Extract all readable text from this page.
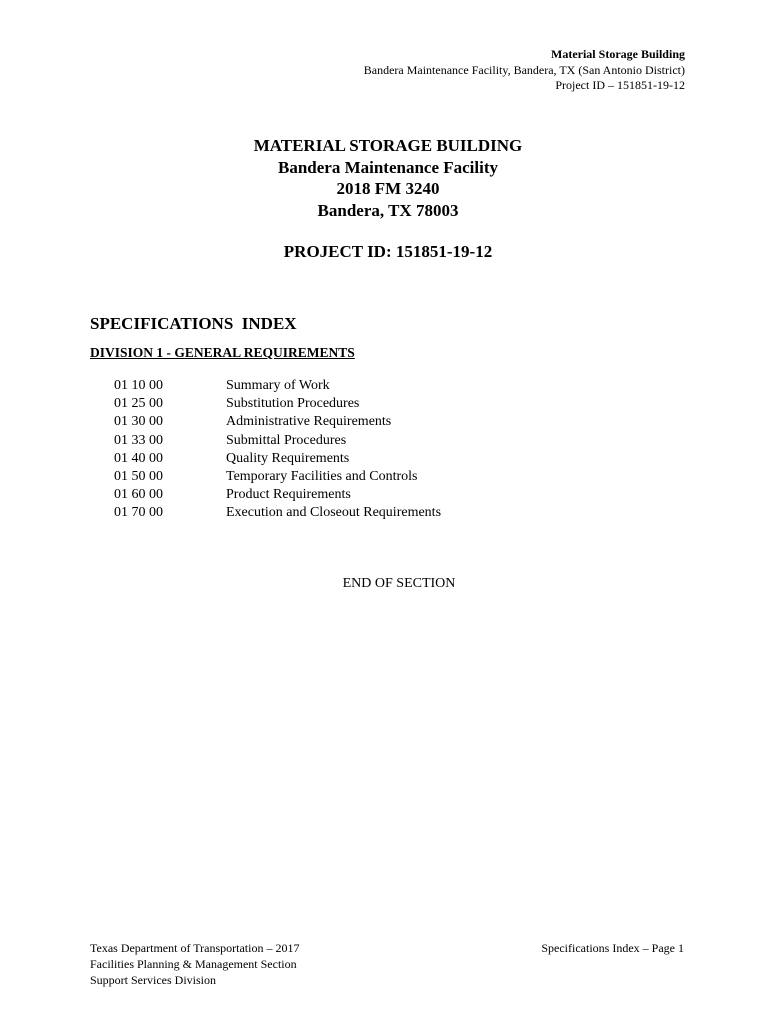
Material Storage Building
Bandera Maintenance Facility, Bandera, TX (San Antonio District)
Project ID – 151851-19-12
MATERIAL STORAGE BUILDING
Bandera Maintenance Facility
2018 FM 3240
Bandera, TX 78003
PROJECT ID: 151851-19-12
SPECIFICATIONS  INDEX
DIVISION 1 - GENERAL REQUIREMENTS
01 10 00	Summary of Work
01 25 00	Substitution Procedures
01 30 00	Administrative Requirements
01 33 00	Submittal Procedures
01 40 00	Quality Requirements
01 50 00	Temporary Facilities and Controls
01 60 00	Product Requirements
01 70 00	Execution and Closeout Requirements
END OF SECTION
Texas Department of Transportation – 2017
Facilities Planning & Management Section
Support Services Division
Specifications Index – Page 1
